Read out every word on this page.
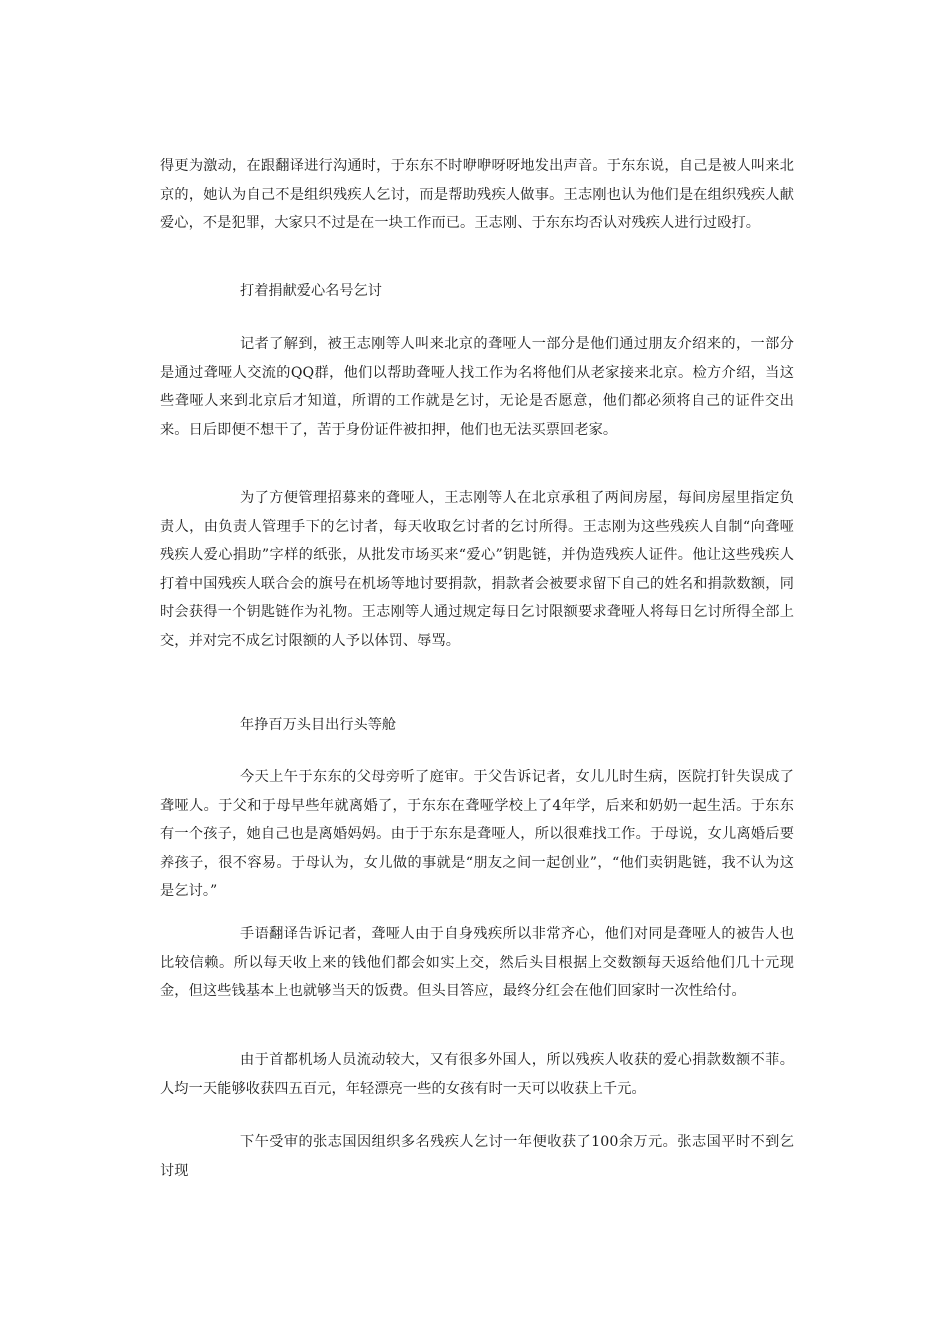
得更为激动，在跟翻译进行沟通时，于东东不时咿咿呀呀地发出声音。于东东说，自己是被人叫来北京的，她认为自己不是组织残疾人乞讨，而是帮助残疾人做事。王志刚也认为他们是在组织残疾人献爱心，不是犯罪，大家只不过是在一块工作而已。王志刚、于东东均否认对残疾人进行过殴打。

打着捐献爱心名号乞讨

记者了解到，被王志刚等人叫来北京的聋哑人一部分是他们通过朋友介绍来的，一部分是通过聋哑人交流的QQ群，他们以帮助聋哑人找工作为名将他们从老家接来北京。检方介绍，当这些聋哑人来到北京后才知道，所谓的工作就是乞讨，无论是否愿意，他们都必须将自己的证件交出来。日后即便不想干了，苦于身份证件被扣押，他们也无法买票回老家。

为了方便管理招募来的聋哑人，王志刚等人在北京承租了两间房屋，每间房屋里指定负责人，由负责人管理手下的乞讨者，每天收取乞讨者的乞讨所得。王志刚为这些残疾人自制“向聋哑残疾人爱心捐助”字样的纸张，从批发市场买来“爱心”钥匙链，并伪造残疾人证件。他让这些残疾人打着中国残疾人联合会的旗号在机场等地讨要捐款，捐款者会被要求留下自己的姓名和捐款数额，同时会获得一个钥匙链作为礼物。王志刚等人通过规定每日乞讨限额要求聋哑人将每日乞讨所得全部上交，并对完不成乞讨限额的人予以体罚、辱骂。

年挣百万头目出行头等舱

今天上午于东东的父母旁听了庭审。于父告诉记者，女儿儿时生病，医院打针失误成了聋哑人。于父和于母早些年就离婚了，于东东在聋哑学校上了4年学，后来和奶奶一起生活。于东东有一个孩子，她自己也是离婚妈妈。由于于东东是聋哑人，所以很难找工作。于母说，女儿离婚后要养孩子，很不容易。于母认为，女儿做的事就是“朋友之间一起创业”，“他们卖钥匙链，我不认为这是乞讨。”

手语翻译告诉记者，聋哑人由于自身残疾所以非常齐心，他们对同是聋哑人的被告人也比较信赖。所以每天收上来的钱他们都会如实上交，然后头目根据上交数额每天返给他们几十元现金，但这些钱基本上也就够当天的饭费。但头目答应，最终分红会在他们回家时一次性给付。

由于首都机场人员流动较大，又有很多外国人，所以残疾人收获的爱心捐款数额不菲。人均一天能够收获四五百元，年轻漂亮一些的女孩有时一天可以收获上千元。

下午受审的张志国因组织多名残疾人乞讨一年便收获了100余万元。张志国平时不到乞讨现
